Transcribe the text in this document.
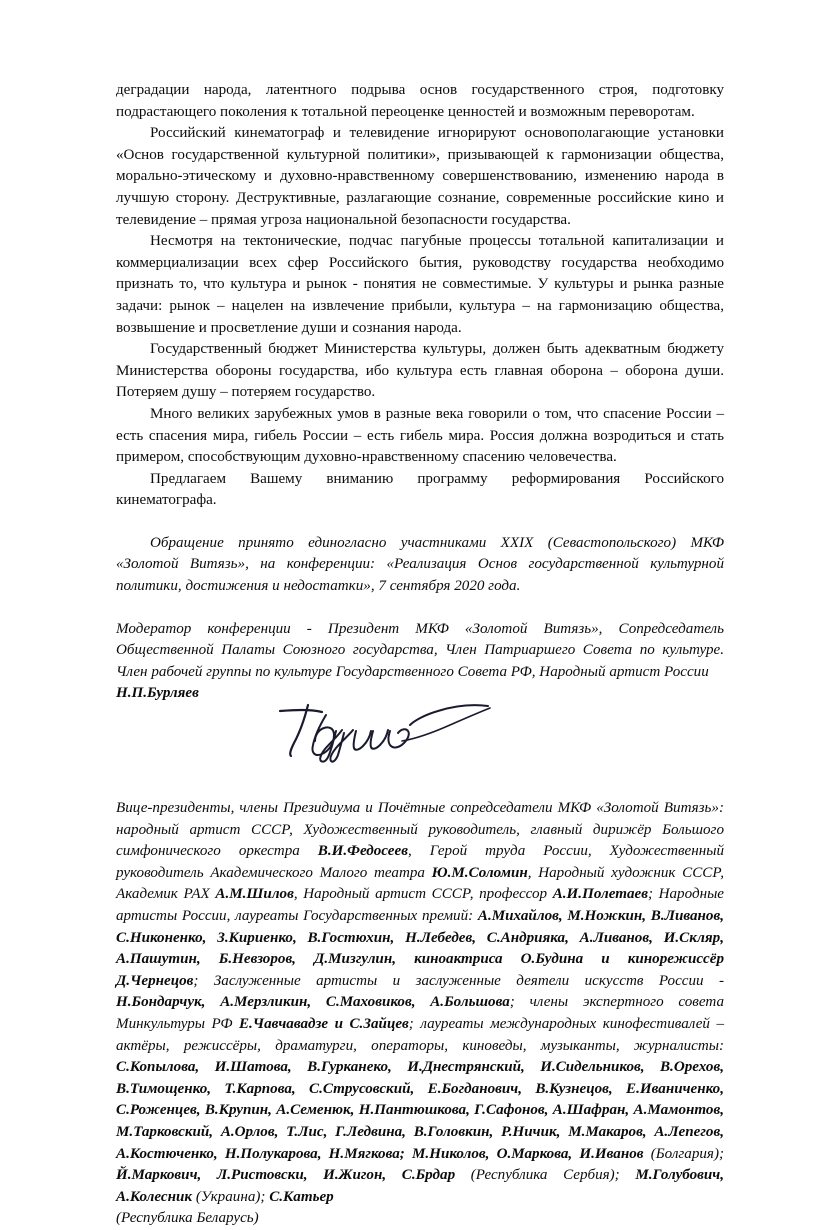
деградации народа, латентного подрыва основ государственного строя, подготовку подрастающего поколения к тотальной переоценке ценностей и возможным переворотам.

Российский кинематограф и телевидение игнорируют основополагающие установки «Основ государственной культурной политики», призывающей к гармонизации общества, морально-этическому и духовно-нравственному совершенствованию, изменению народа в лучшую сторону. Деструктивные, разлагающие сознание, современные российские кино и телевидение – прямая угроза национальной безопасности государства.

Несмотря на тектонические, подчас пагубные процессы тотальной капитализации и коммерциализации всех сфер Российского бытия, руководству государства необходимо признать то, что культура и рынок - понятия не совместимые. У культуры и рынка разные задачи: рынок – нацелен на извлечение прибыли, культура – на гармонизацию общества, возвышение и просветление души и сознания народа.

Государственный бюджет Министерства культуры, должен быть адекватным бюджету Министерства обороны государства, ибо культура есть главная оборона – оборона души. Потеряем душу – потеряем государство.

Много великих зарубежных умов в разные века говорили о том, что спасение России – есть спасения мира, гибель России – есть гибель мира. Россия должна возродиться и стать примером, способствующим духовно-нравственному спасению человечества.

Предлагаем Вашему вниманию программу реформирования Российского кинематографа.

Обращение принято единогласно участниками XXIX (Севастопольского) МКФ «Золотой Витязь», на конференции: «Реализация Основ государственной культурной политики, достижения и недостатки», 7 сентября 2020 года.

Модератор конференции - Президент МКФ «Золотой Витязь», Сопредседатель Общественной Палаты Союзного государства, Член Патриаршего Совета по культуре. Член рабочей группы по культуре Государственного Совета РФ, Народный артист России
Н.П.Бурляев

Вице-президенты, члены Президиума и Почётные сопредседатели МКФ «Золотой Витязь»: народный артист СССР, Художественный руководитель, главный дирижёр Большого симфонического оркестра В.И.Федосеев, Герой труда России, Художественный руководитель Академического Малого театра Ю.М.Соломин, Народный художник СССР, Академик РАХ А.М.Шилов, Народный артист СССР, профессор А.И.Полетаев; Народные артисты России, лауреаты Государственных премий: А.Михайлов, М.Ножкин, В.Ливанов, С.Никоненко, З.Кириенко, В.Гостюхин, Н.Лебедев, С.Андрияка, А.Ливанов, И.Скляр, А.Пашутин, Б.Невзоров, Д.Мизгулин, киноактриса О.Будина и кинорежиссёр Д.Чернецов; Заслуженные артисты и заслуженные деятели искусств России - Н.Бондарчук, А.Мерзликин, С.Маховиков, А.Большова; члены экспертного совета Минкультуры РФ Е.Чавчавадзе и С.Зайцев; лауреаты международных кинофестивалей – актёры, режиссёры, драматурги, операторы, киноведы, музыканты, журналисты: С.Копылова, И.Шатова, В.Гурканеко, И.Днестрянский, И.Сидельников, В.Орехов, В.Тимощенко, Т.Карпова, С.Струсовский, Е.Богданович, В.Кузнецов, Е.Иваниченко, С.Роженцев, В.Крупин, А.Семенюк, Н.Пантюшкова, Г.Сафонов, А.Шафран, А.Мамонтов, М.Тарковский, А.Орлов, Т.Лис, Г.Ледвина, В.Головкин, Р.Ничик, М.Макаров, А.Лепегов, А.Костюченко, Н.Полукарова, Н.Мягкова; М.Николов, О.Маркова, И.Иванов (Болгария); Й.Маркович, Л.Ристовски, И.Жигон, С.Брдар (Республика Сербия); М.Голубович, А.Колесник (Украина); С.Катьер

(Республика Беларусь)
